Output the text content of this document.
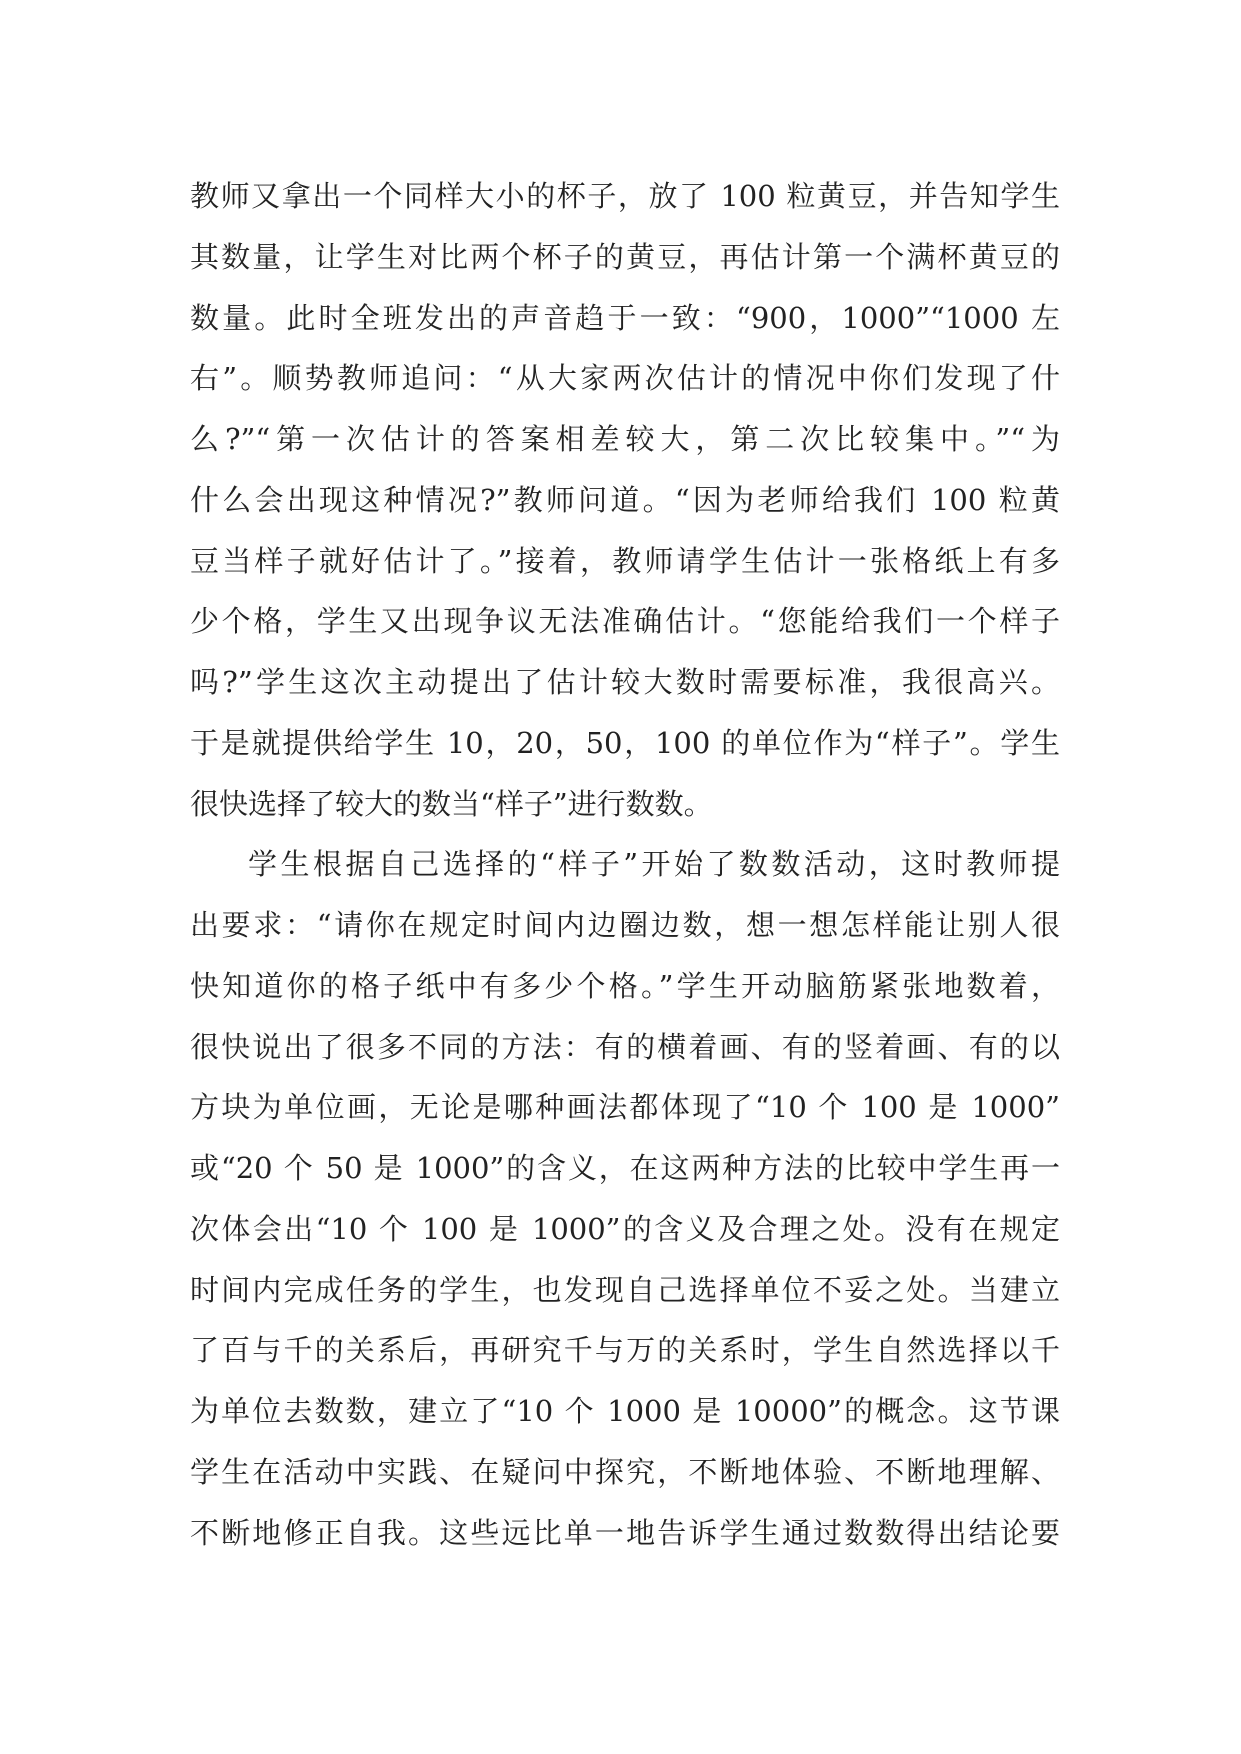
教师又拿出一个同样大小的杯子，放了 100 粒黄豆，并告知学生
其数量，让学生对比两个杯子的黄豆，再估计第一个满杯黄豆的
数量。此时全班发出的声音趋于一致：“900，1000”“1000 左
右”。顺势教师追问：“从大家两次估计的情况中你们发现了什
么?”“第一次估计的答案相差较大，第二次比较集中。”“为
什么会出现这种情况?”教师问道。“因为老师给我们 100 粒黄
豆当样子就好估计了。”接着，教师请学生估计一张格纸上有多
少个格，学生又出现争议无法准确估计。“您能给我们一个样子
吗?”学生这次主动提出了估计较大数时需要标准，我很高兴。
于是就提供给学生 10，20，50，100 的单位作为“样子”。学生
很快选择了较大的数当“样子”进行数数。
学生根据自己选择的“样子”开始了数数活动，这时教师提
出要求：“请你在规定时间内边圈边数，想一想怎样能让别人很
快知道你的格子纸中有多少个格。”学生开动脑筋紧张地数着，
很快说出了很多不同的方法：有的横着画、有的竖着画、有的以
方块为单位画，无论是哪种画法都体现了“10 个 100 是 1000”
或“20 个 50 是 1000”的含义，在这两种方法的比较中学生再一
次体会出“10 个 100 是 1000”的含义及合理之处。没有在规定
时间内完成任务的学生，也发现自己选择单位不妥之处。当建立
了百与千的关系后，再研究千与万的关系时，学生自然选择以千
为单位去数数，建立了“10 个 1000 是 10000”的概念。这节课
学生在活动中实践、在疑问中探究，不断地体验、不断地理解、
不断地修正自我。这些远比单一地告诉学生通过数数得出结论要
